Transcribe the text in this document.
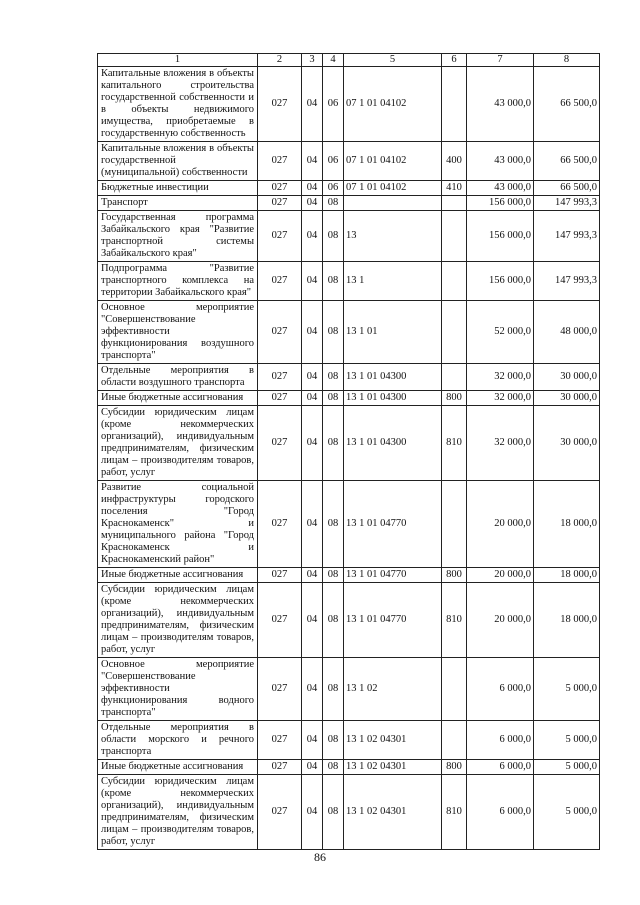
1	2	3	4	5	6	7	8
Капитальные вложения в объекты капитального строительства государственной собственности и в объекты недвижимого имущества, приобретаемые в государственную собственность	027	04	06	07 1 01 04102		43 000,0	66 500,0
Капитальные вложения в объекты государственной (муниципальной) собственности	027	04	06	07 1 01 04102	400	43 000,0	66 500,0
Бюджетные инвестиции	027	04	06	07 1 01 04102	410	43 000,0	66 500,0
Транспорт	027	04	08			156 000,0	147 993,3
Государственная программа Забайкальского края "Развитие транспортной системы Забайкальского края"	027	04	08	13		156 000,0	147 993,3
Подпрограмма "Развитие транспортного комплекса на территории Забайкальского края"	027	04	08	13 1		156 000,0	147 993,3
Основное мероприятие "Совершенствование эффективности функционирования воздушного транспорта"	027	04	08	13 1 01		52 000,0	48 000,0
Отдельные мероприятия в области воздушного транспорта	027	04	08	13 1 01 04300		32 000,0	30 000,0
Иные бюджетные ассигнования	027	04	08	13 1 01 04300	800	32 000,0	30 000,0
Субсидии юридическим лицам (кроме некоммерческих организаций), индивидуальным предпринимателям, физическим лицам – производителям товаров, работ, услуг	027	04	08	13 1 01 04300	810	32 000,0	30 000,0
Развитие социальной инфраструктуры городского поселения "Город Краснокаменск" и муниципального района "Город Краснокаменск и Краснокаменский район"	027	04	08	13 1 01 04770		20 000,0	18 000,0
Иные бюджетные ассигнования	027	04	08	13 1 01 04770	800	20 000,0	18 000,0
Субсидии юридическим лицам (кроме некоммерческих организаций), индивидуальным предпринимателям, физическим лицам – производителям товаров, работ, услуг	027	04	08	13 1 01 04770	810	20 000,0	18 000,0
Основное мероприятие "Совершенствование эффективности функционирования водного транспорта"	027	04	08	13 1 02		6 000,0	5 000,0
Отдельные мероприятия в области морского и речного транспорта	027	04	08	13 1 02 04301		6 000,0	5 000,0
Иные бюджетные ассигнования	027	04	08	13 1 02 04301	800	6 000,0	5 000,0
Субсидии юридическим лицам (кроме некоммерческих организаций), индивидуальным предпринимателям, физическим лицам – производителям товаров, работ, услуг	027	04	08	13 1 02 04301	810	6 000,0	5 000,0
86
